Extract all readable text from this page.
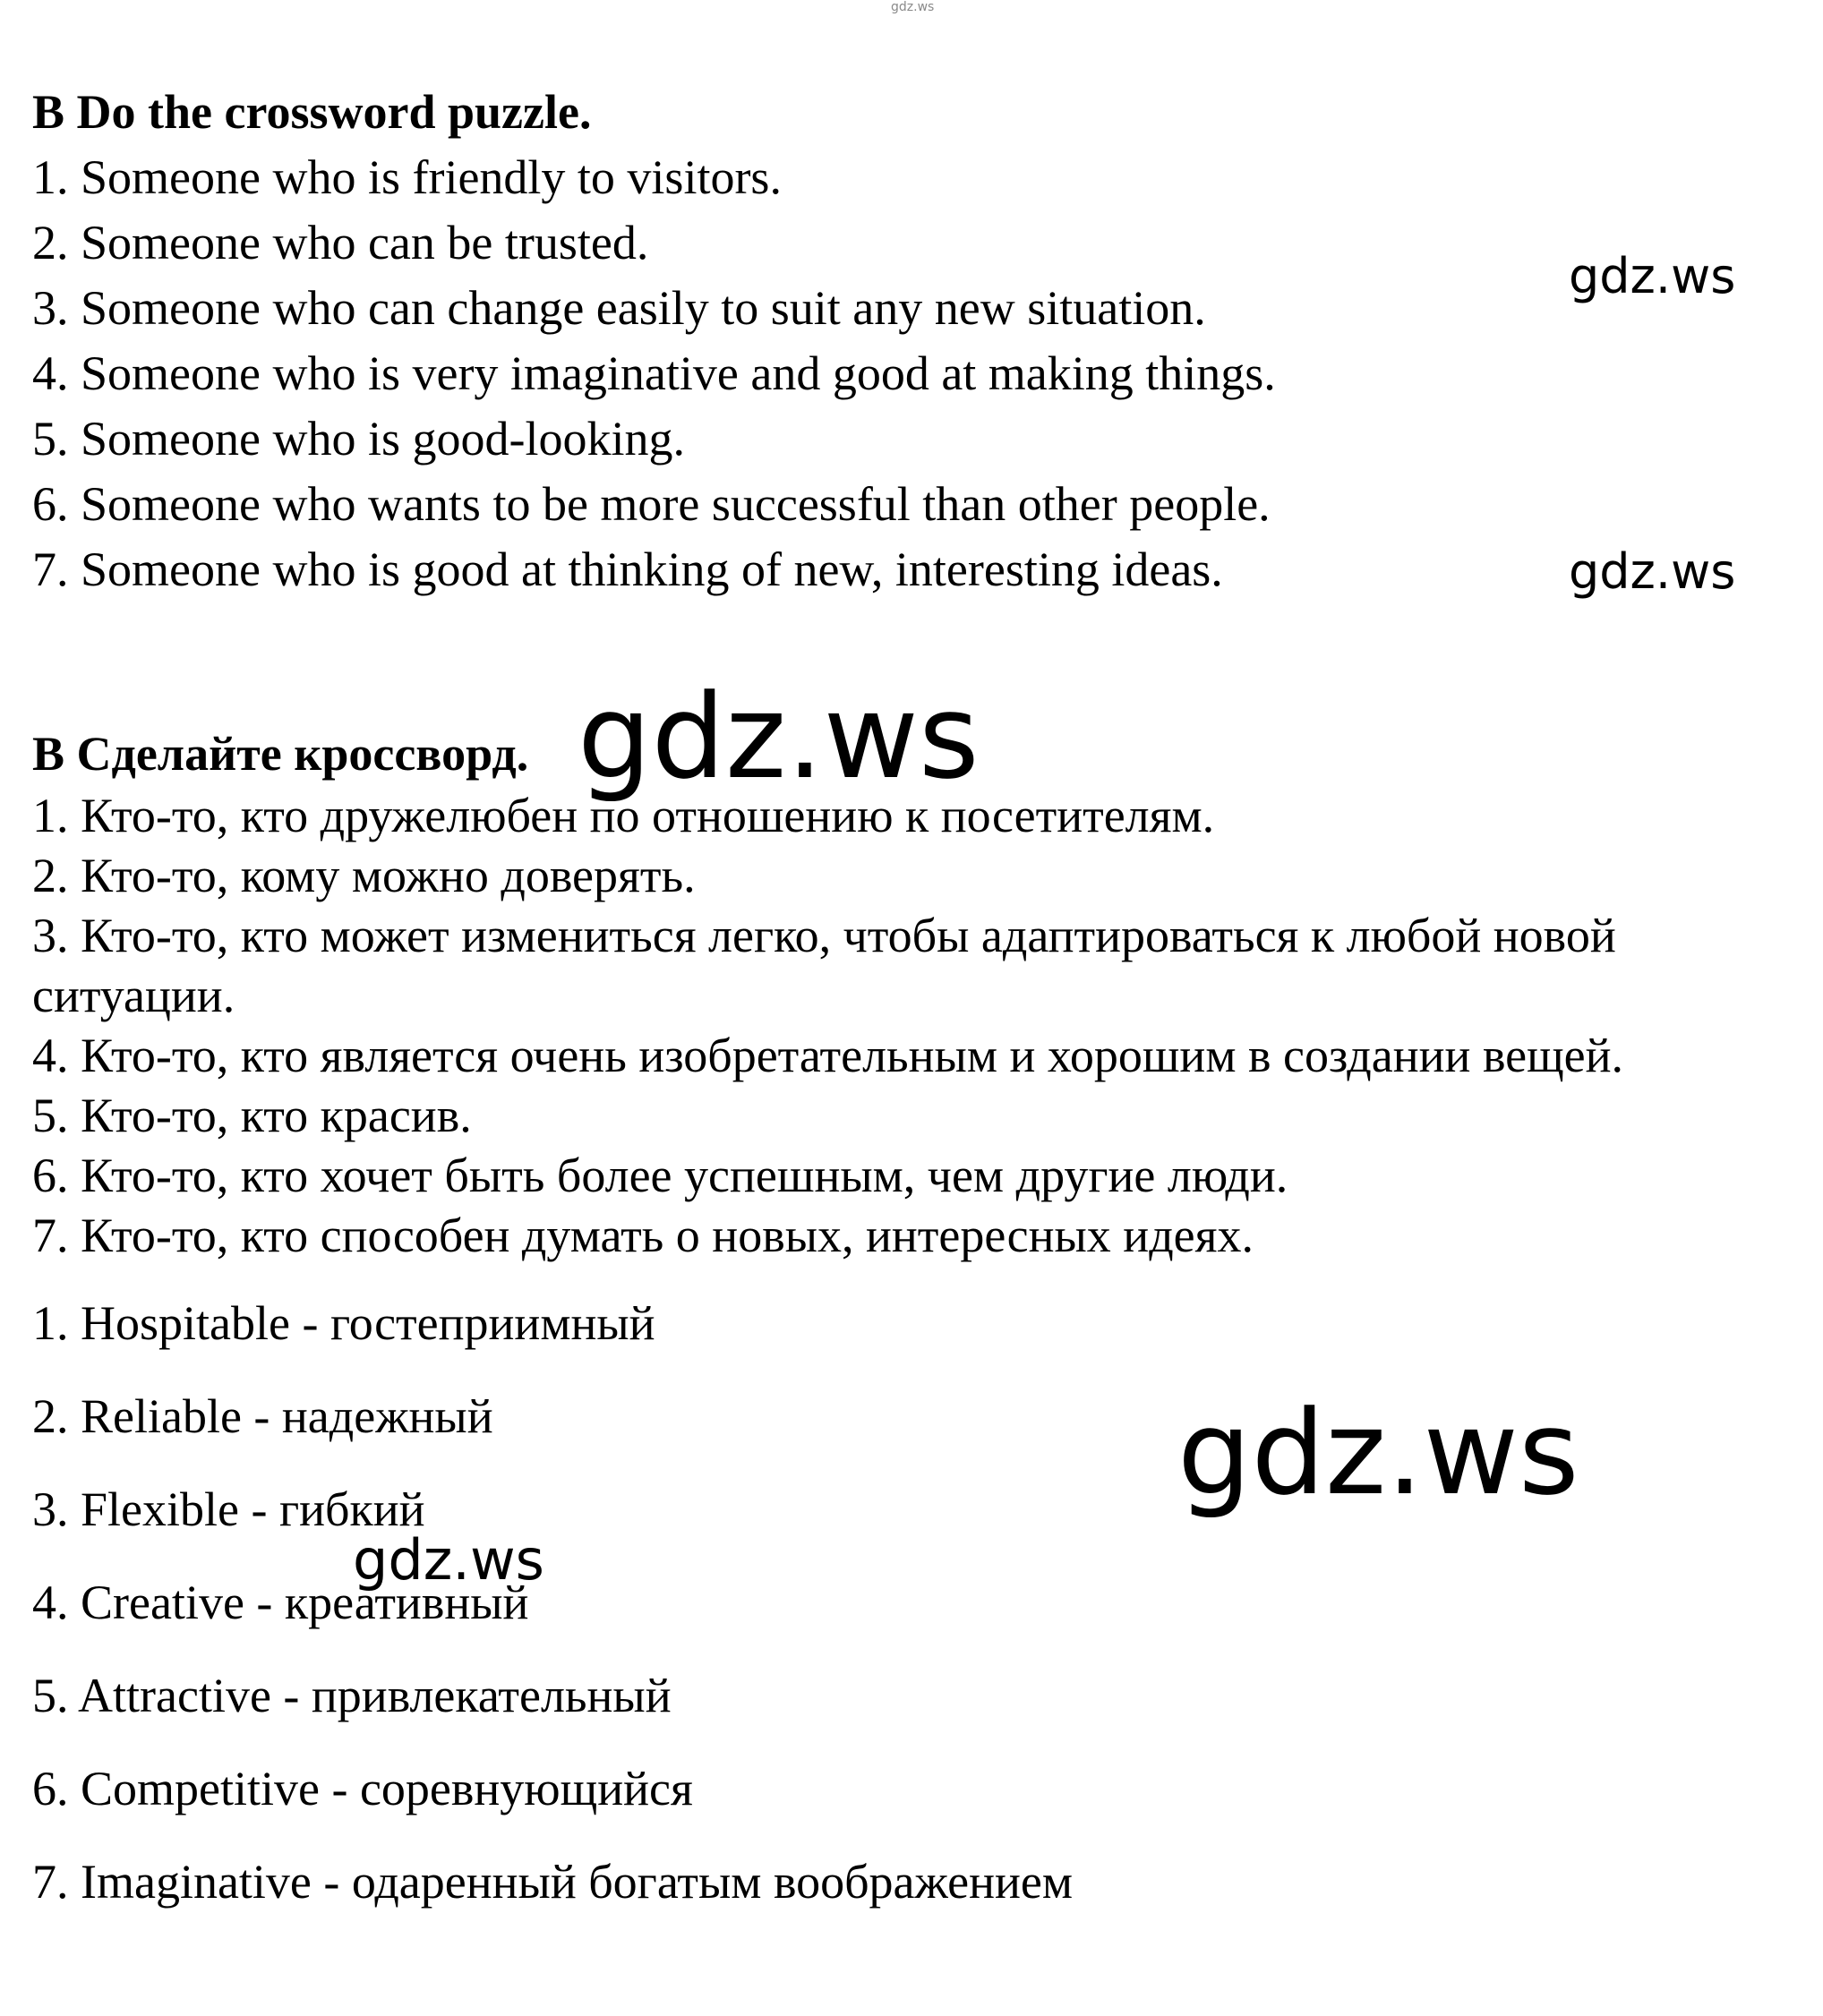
B Do the crossword puzzle.
1. Someone who is friendly to visitors.
2. Someone who can be trusted.
3. Someone who can change easily to suit any new situation.
4. Someone who is very imaginative and good at making things.
5. Someone who is good-looking.
6. Someone who wants to be more successful than other people.
7. Someone who is good at thinking of new, interesting ideas.
B Сделайте кроссворд.
1. Кто-то, кто дружелюбен по отношению к посетителям.
2. Кто-то, кому можно доверять.
3. Кто-то, кто может измениться легко, чтобы адаптироваться к любой новой ситуации.
4. Кто-то, кто является очень изобретательным и хорошим в создании вещей.
5. Кто-то, кто красив.
6. Кто-то, кто хочет быть более успешным, чем другие люди.
7. Кто-то, кто способен думать о новых, интересных идеях.
1. Hospitable - гостеприимный
2. Reliable - надежный
3. Flexible - гибкий
4. Creative - креативный
5. Attractive - привлекательный
6. Competitive - соревнующийся
7. Imaginative - одаренный богатым воображением
gdz.ws
gdz.ws
gdz.ws
gdz.ws
gdz.ws
gdz.ws
